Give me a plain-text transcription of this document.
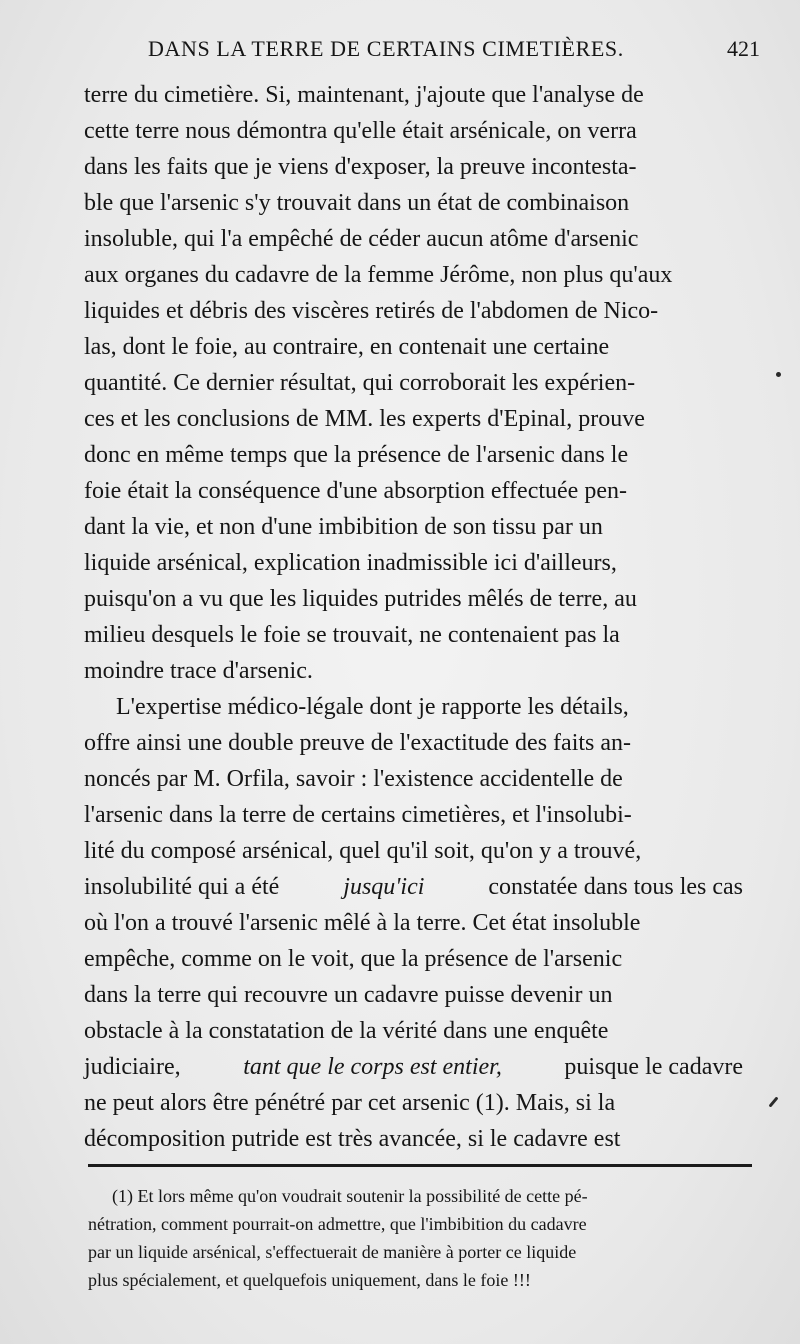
DANS LA TERRE DE CERTAINS CIMETIÈRES.	421
terre du cimetière. Si, maintenant, j'ajoute que l'analyse de
cette terre nous démontra qu'elle était arsénicale, on verra
dans les faits que je viens d'exposer, la preuve incontesta-
ble que l'arsenic s'y trouvait dans un état de combinaison
insoluble, qui l'a empêché de céder aucun atôme d'arsenic
aux organes du cadavre de la femme Jérôme, non plus qu'aux
liquides et débris des viscères retirés de l'abdomen de Nico-
las, dont le foie, au contraire, en contenait une certaine
quantité. Ce dernier résultat, qui corroborait les expérien-
ces et les conclusions de MM. les experts d'Epinal, prouve
donc en même temps que la présence de l'arsenic dans le
foie était la conséquence d'une absorption effectuée pen-
dant la vie, et non d'une imbibition de son tissu par un
liquide arsénical, explication inadmissible ici d'ailleurs,
puisqu'on a vu que les liquides putrides mêlés de terre, au
milieu desquels le foie se trouvait, ne contenaient pas la
moindre trace d'arsenic.
L'expertise médico-légale dont je rapporte les détails,
offre ainsi une double preuve de l'exactitude des faits an-
noncés par M. Orfila, savoir : l'existence accidentelle de
l'arsenic dans la terre de certains cimetières, et l'insolubi-
lité du composé arsénical, quel qu'il soit, qu'on y a trouvé,
insolubilité qui a été	jusqu'ici	constatée dans tous les cas
où l'on a trouvé l'arsenic mêlé à la terre. Cet état insoluble
empêche, comme on le voit, que la présence de l'arsenic
dans la terre qui recouvre un cadavre puisse devenir un
obstacle à la constatation de la vérité dans une enquête
judiciaire,	tant que le corps est entier,	puisque le cadavre
ne peut alors être pénétré par cet arsenic (1). Mais, si la
décomposition putride est très avancée, si le cadavre est
(1) Et lors même qu'on voudrait soutenir la possibilité de cette pé-
nétration, comment pourrait-on admettre, que l'imbibition du cadavre
par un liquide arsénical, s'effectuerait de manière à porter ce liquide
plus spécialement, et quelquefois uniquement, dans le foie !!!
